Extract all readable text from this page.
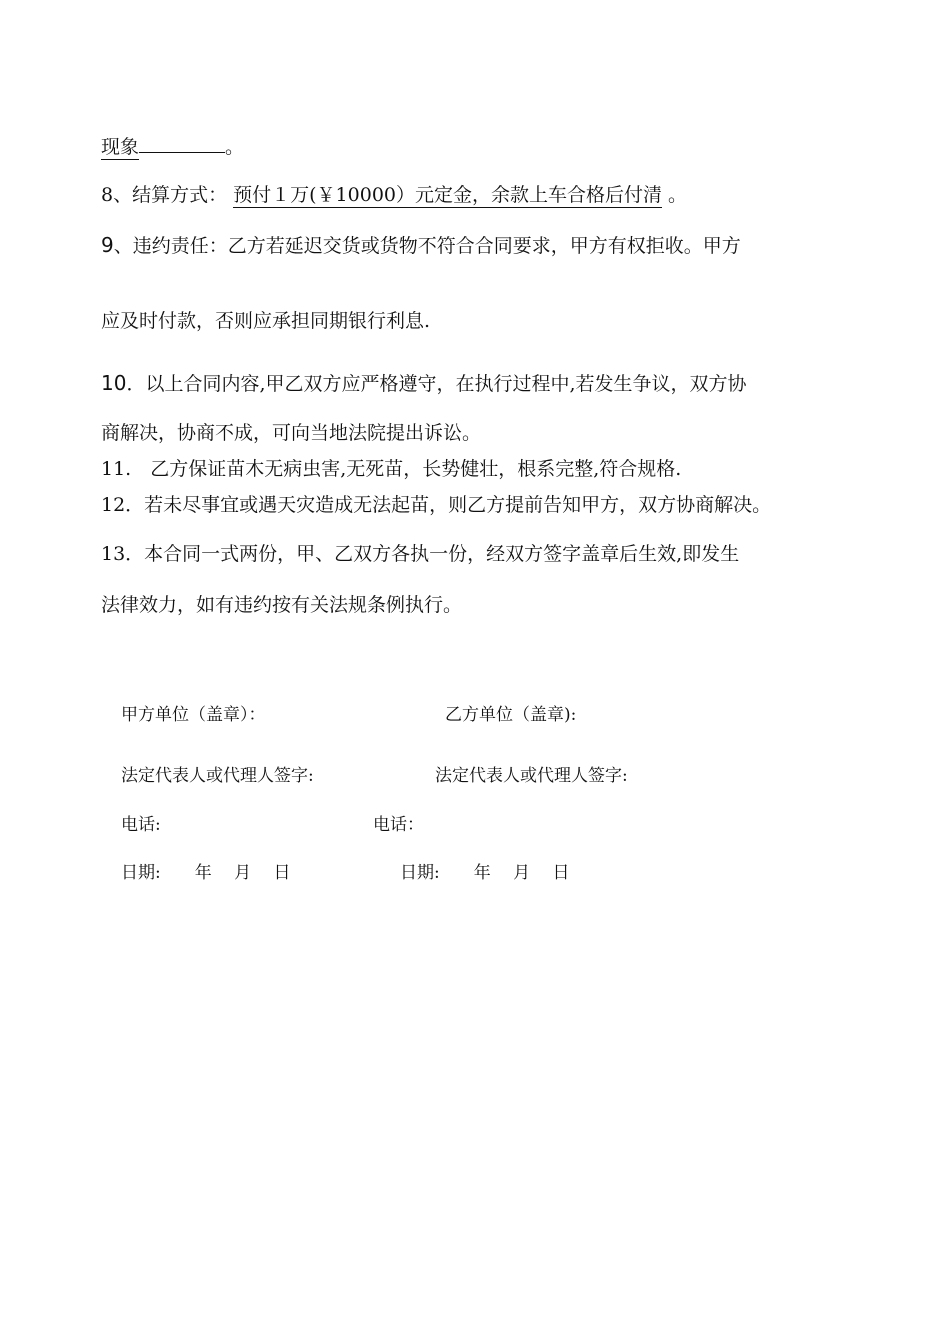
现象	。
8、结算方式： 预付１万(￥10000）元定金，余款上车合格后付清 。
9、违约责任：乙方若延迟交货或货物不符合合同要求，甲方有权拒收。甲方
应及时付款，否则应承担同期银行利息.
10．以上合同内容,甲乙双方应严格遵守，在执行过程中,若发生争议，双方协
商解决，协商不成，可向当地法院提出诉讼。
11.　乙方保证苗木无病虫害,无死苗，长势健壮，根系完整,符合规格.
12．若未尽事宜或遇天灾造成无法起苗，则乙方提前告知甲方，双方协商解决。
13．本合同一式两份，甲、乙双方各执一份，经双方签字盖章后生效,即发生
法律效力，如有违约按有关法规条例执行。
甲方单位（盖章）：	乙方单位（盖章):
法定代表人或代理人签字:	法定代表人或代理人签字:
电话:	电话：
日期:　　年　 月　 日	日期:　　年　 月　 日
